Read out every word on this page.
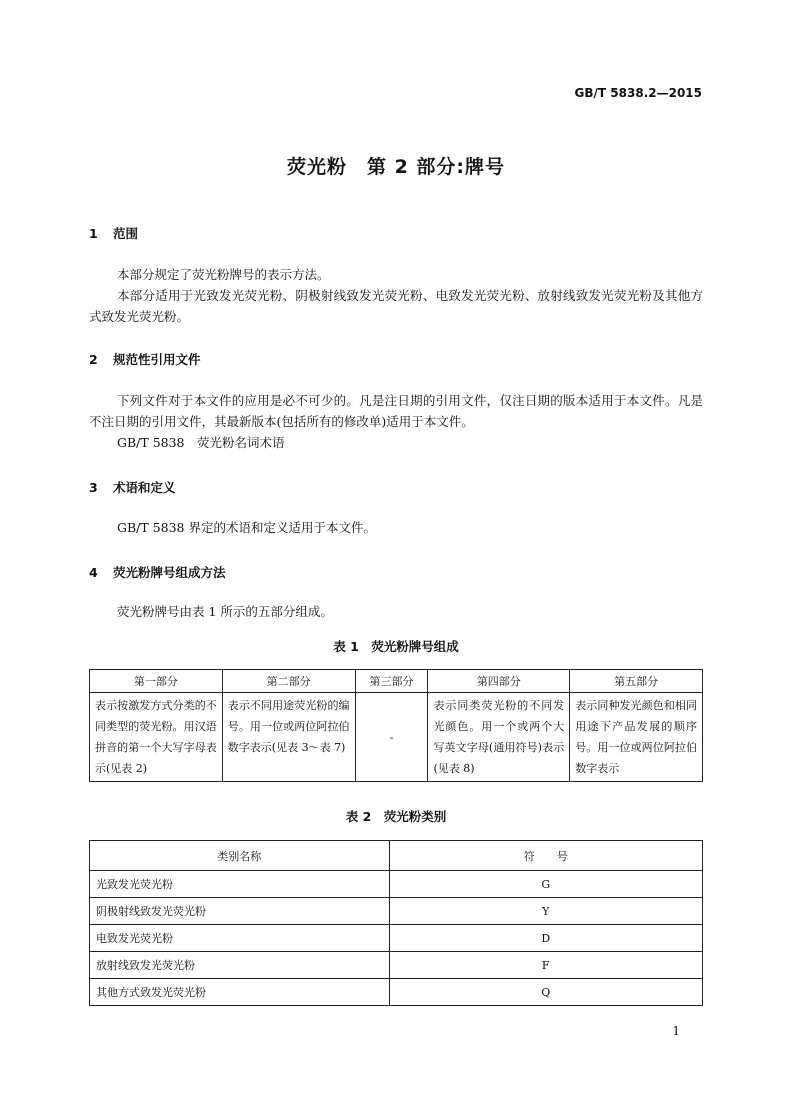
GB/T 5838.2—2015
荧光粉　第 2 部分:牌号
1 范围

本部分规定了荧光粉牌号的表示方法。

本部分适用于光致发光荧光粉、阴极射线致发光荧光粉、电致发光荧光粉、放射线致发光荧光粉及其他方式致发光荧光粉。

2 规范性引用文件

下列文件对于本文件的应用是必不可少的。凡是注日期的引用文件，仅注日期的版本适用于本文件。凡是不注日期的引用文件，其最新版本(包括所有的修改单)适用于本文件。

GB/T 5838　荧光粉名词术语

3 术语和定义

GB/T 5838 界定的术语和定义适用于本文件。

4 荧光粉牌号组成方法

荧光粉牌号由表 1 所示的五部分组成。

表 1　荧光粉牌号组成
第一部分	第二部分	第三部分	第四部分	第五部分
表示按激发方式分类的不同类型的荧光粉。用汉语拼音的第一个大写字母表示(见表 2)	表示不同用途荧光粉的编号。用一位或两位阿拉伯数字表示(见表 3～表 7)	-	表示同类荧光粉的不同发光颜色。用一个或两个大写英文字母(通用符号)表示(见表 8)	表示同种发光颜色和相同用途下产品发展的顺序号。用一位或两位阿拉伯数字表示
表 2　荧光粉类别
类别名称	符　　号
光致发光荧光粉	G
阴极射线致发光荧光粉	Y
电致发光荧光粉	D
放射线致发光荧光粉	F
其他方式致发光荧光粉	Q
1
